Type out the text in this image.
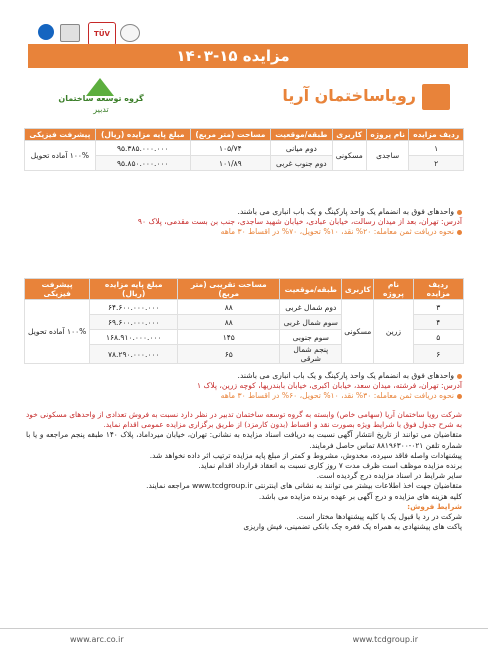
TÜV
مزایده ۱۵-۱۴۰۳
گروه توسعه ساختمان
تدبیر
رویاساختمان آریا
ردیف مزایده	نام پروژه	کاربری	طبقه/موقعیت	مساحت (متر مربع)	مبلغ پایه مزایده (ریال)	پیشرفت فیزیکی
۱	ساجدی	مسکونی	دوم میانی	۱۰۵/۷۴	۹۵.۳۸۵.۰۰۰.۰۰۰	۱۰۰% آماده تحویل
۲			دوم جنوب غربی	۱۰۱/۸۹	۹۵.۸۵۰.۰۰۰.۰۰۰	
واحدهای فوق به انضمام یک واحد پارکینگ و یک باب انباری می باشند.
آدرس: تهران، بعد از میدان رسالت، خیابان عبادی، خیابان شهید ساجدی، جنب بن بست مقدمی، پلاک ۹۰
نحوه دریافت ثمن معامله: ۲۰% نقد، ۱۰% تحویل، ۷۰% در اقساط ۳۰ ماهه

ردیف مزایده	نام پروژه	کاربری	طبقه/موقعیت	مساحت تقریبی (متر مربع)	مبلغ پایه مزایده (ریال)	پیشرفت فیزیکی
۳	زرین	مسکونی	دوم شمال غربی	۸۸	۶۴.۶۰۰.۰۰۰.۰۰۰	۱۰۰% آماده تحویل
۴			سوم شمال غربی	۸۸	۶۹.۶۰۰.۰۰۰.۰۰۰	
۵			سوم جنوبی	۱۴۵	۱۶۸.۹۱۰.۰۰۰.۰۰۰	
۶			پنجم شمال شرقی	۶۵	۷۸.۲۹۰.۰۰۰.۰۰۰	
واحدهای فوق به انضمام یک واحد پارکینگ و یک باب انباری می باشند.
آدرس: تهران، فرشته، میدان سعد، خیابان اکبری، خیابان بابندریها، کوچه زرین، پلاک ۱
نحوه دریافت ثمن معامله: ۳۰% نقد، ۱۰% تحویل، ۶۰% در اقساط ۳۰ ماهه

شرکت رویا ساختمان آریا (سهامی خاص) وابسته به گروه توسعه ساختمان تدبیر در نظر دارد نسبت به فروش تعدادی از واحدهای مسکونی خود به شرح جدول فوق با شرایط ویژه بصورت نقد و اقساط (بدون کارمزد) از طریق برگزاری مزایده عمومی اقدام نماید.

متقاضیان می توانند از تاریخ انتشار آگهی نسبت به دریافت اسناد مزایده به نشانی: تهران، خیابان میرداماد، پلاک ۱۴۰ طبقه پنجم مراجعه و یا با شماره تلفن ۰۲۱-۸۸۱۹۶۳۰۰ تماس حاصل فرمایند.

پیشنهادات واصله فاقد سپرده، مخدوش، مشروط و کمتر از مبلغ پایه مزایده ترتیب اثر داده نخواهد شد.

برنده مزایده موظف است ظرف مدت ۷ روز کاری نسبت به انعقاد قرارداد اقدام نماید.

سایر شرایط در اسناد مزایده درج گردیده است.

متقاضیان جهت اخذ اطلاعات بیشتر می توانند به نشانی های اینترنتی www.tcdgroup.ir مراجعه نمایند.

کلیه هزینه های مزایده و درج آگهی بر عهده برنده مزایده می باشد.

شرایط فروش:

شرکت در رد یا قبول یک یا کلیه پیشنهادها مختار است.

پاکت های پیشنهادی به همراه یک فقره چک بانکی تضمینی، فیش واریزی

www.arc.co.ir	www.tcdgroup.ir
